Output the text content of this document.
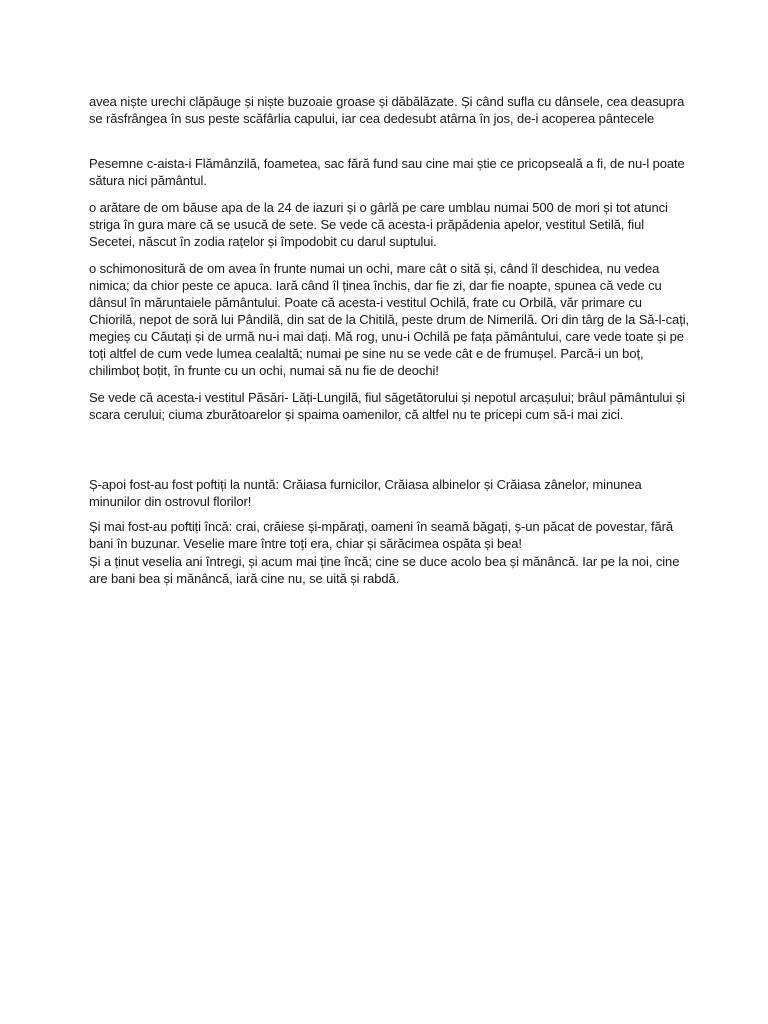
avea niște urechi clăpăuge și niște buzoaie groase și dăbălăzate. Și când sufla cu dânsele, cea deasupra se răsfrângea în sus peste scăfârlia capului, iar cea dedesubt atârna în jos, de-i acoperea pântecele

Pesemne c-aista-i Flămânzilă, foametea, sac fără fund sau cine mai știe ce pricopseală a fi, de nu-l poate sătura nici pământul.

o arătare de om băuse apa de la 24 de iazuri și o gârlă pe care umblau numai 500 de mori și tot atunci striga în gura mare că se usucă de sete. Se vede că acesta-i prăpădenia apelor, vestitul Setilă, fiul Secetei, născut în zodia rațelor și împodobit cu darul suptului.

o schimonositură de om avea în frunte numai un ochi, mare cât o sită și, când îl deschidea, nu vedea nimica; da chior peste ce apuca. Iară când îl ținea închis, dar fie zi, dar fie noapte, spunea că vede cu dânsul în măruntaiele pământului. Poate că acesta-i vestitul Ochilă, frate cu Orbilă, văr primare cu Chiorilă, nepot de soră lui Pândilă, din sat de la Chitilă, peste drum de Nimerilă. Ori din târg de la Să-l-cați, megieș cu Căutați și de urmă nu-i mai dați. Mă rog, unu-i Ochilă pe fața pământului, care vede toate și pe toți altfel de cum vede lumea cealaltă; numai pe sine nu se vede cât e de frumușel. Parcă-i un boț, chilimboț boțit, în frunte cu un ochi, numai să nu fie de deochi!

Se vede că acesta-i vestitul Păsări- Lăți-Lungilă, fiul săgetătorului și nepotul arcașului; brâul pământului și scara cerului; ciuma zburătoarelor și spaima oamenilor, că altfel nu te pricepi cum să-i mai zici.

Ș-apoi fost-au fost poftiți la nuntă: Crăiasa furnicilor, Crăiasa albinelor și Crăiasa zânelor, minunea minunilor din ostrovul florilor!

Și mai fost-au poftiți încă: crai, crăiese și-mpărați, oameni în seamă băgați, ș-un păcat de povestar, fără bani în buzunar. Veselie mare între toți era, chiar și sărăcimea ospăta și bea!

Și a ținut veselia ani întregi, și acum mai ține încă; cine se duce acolo bea și mănâncă. Iar pe la noi, cine are bani bea și mănâncă, iară cine nu, se uită și rabdă.
